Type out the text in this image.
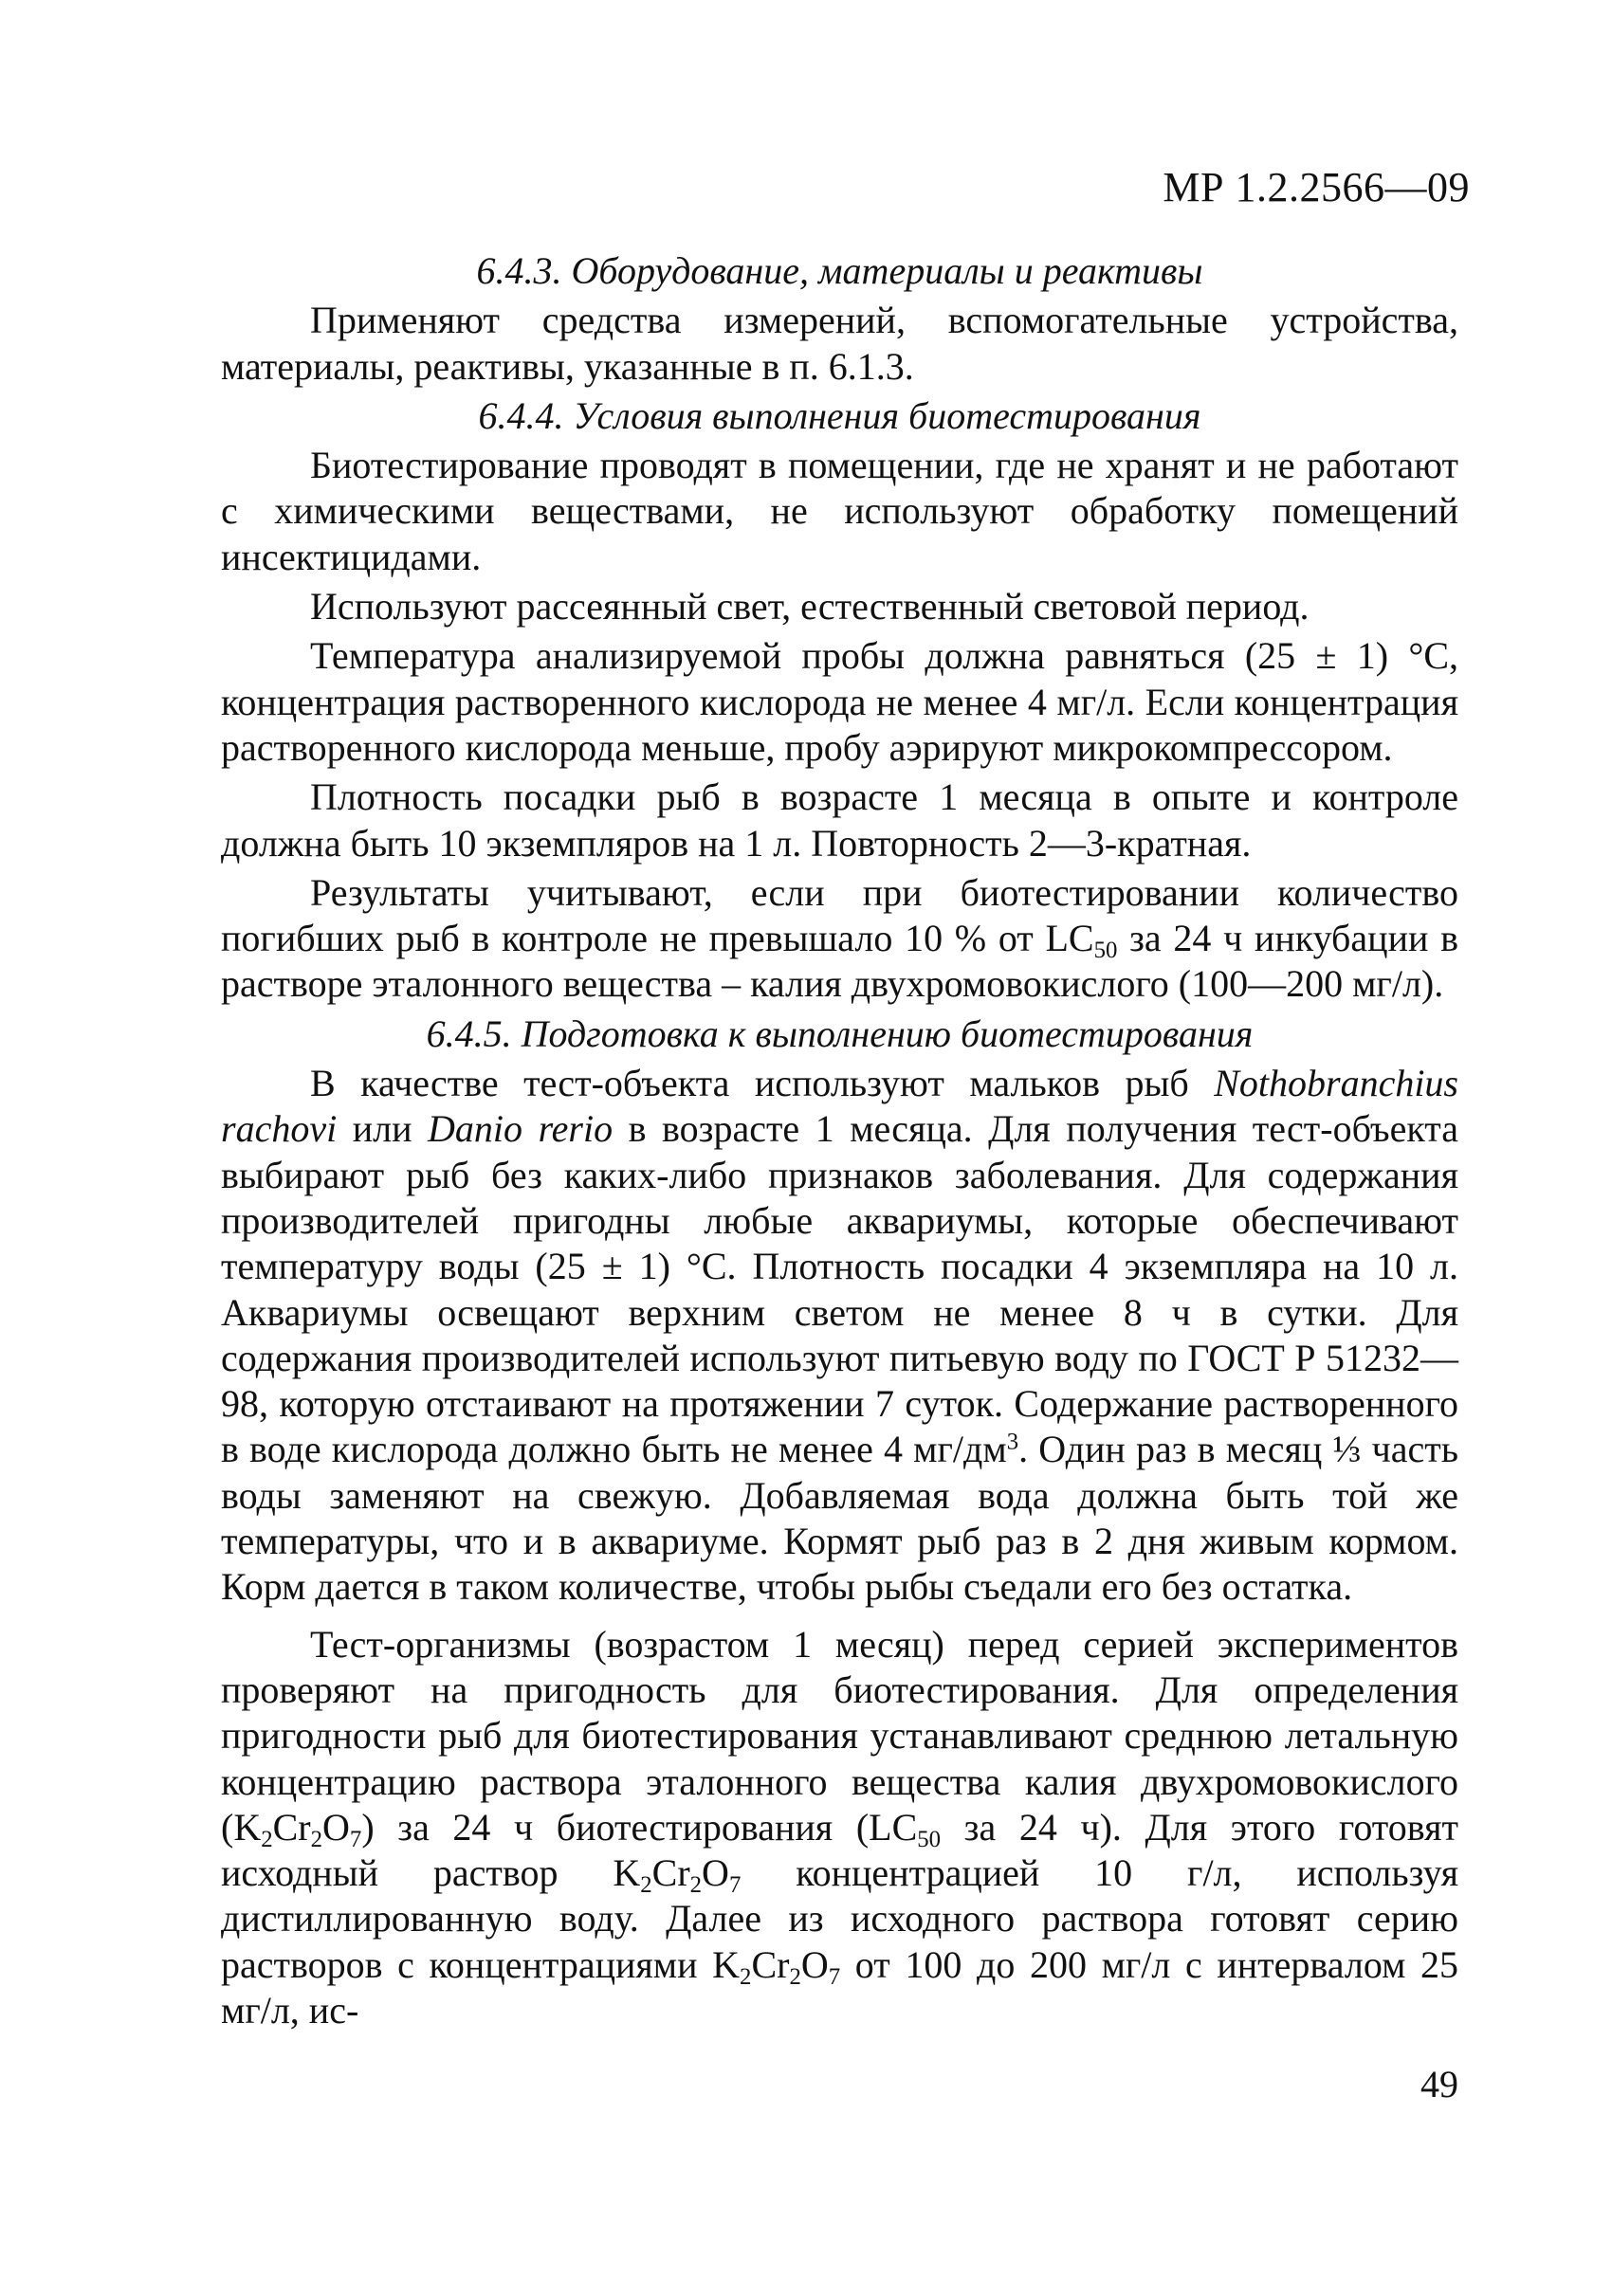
МР 1.2.2566—09
6.4.3. Оборудование, материалы и реактивы

Применяют средства измерений, вспомогательные устройства, материалы, реактивы, указанные в п. 6.1.3.

6.4.4. Условия выполнения биотестирования

Биотестирование проводят в помещении, где не хранят и не работают с химическими веществами, не используют обработку помещений инсектицидами.

Используют рассеянный свет, естественный световой период.

Температура анализируемой пробы должна равняться (25 ± 1) °С, концентрация растворенного кислорода не менее 4 мг/л. Если концентрация растворенного кислорода меньше, пробу аэрируют микрокомпрессором.

Плотность посадки рыб в возрасте 1 месяца в опыте и контроле должна быть 10 экземпляров на 1 л. Повторность 2—3-кратная.

Результаты учитывают, если при биотестировании количество погибших рыб в контроле не превышало 10 % от $LC_{50}$ за 24 ч инкубации в растворе эталонного вещества – калия двухромовокислого (100—200 мг/л).

6.4.5. Подготовка к выполнению биотестирования

В качестве тест-объекта используют мальков рыб Nothobranchius rachovi или Danio rerio в возрасте 1 месяца. Для получения тест-объекта выбирают рыб без каких-либо признаков заболевания. Для содержания производителей пригодны любые аквариумы, которые обеспечивают температуру воды (25 ± 1) °С. Плотность посадки 4 экземпляра на 10 л. Аквариумы освещают верхним светом не менее 8 ч в сутки. Для содержания производителей используют питьевую воду по ГОСТ Р 51232—98, которую отстаивают на протяжении 7 суток. Содержание растворенного в воде кислорода должно быть не менее 4 $мг/дм^3$. Один раз в месяц ⅓ часть воды заменяют на свежую. Добавляемая вода должна быть той же температуры, что и в аквариуме. Кормят рыб раз в 2 дня живым кормом. Корм дается в таком количестве, чтобы рыбы съедали его без остатка.

Тест-организмы (возрастом 1 месяц) перед серией экспериментов проверяют на пригодность для биотестирования. Для определения пригодности рыб для биотестирования устанавливают среднюю летальную концентрацию раствора эталонного вещества калия двухромовокислого $(K_2Cr_2O_7)$ за 24 ч биотестирования ($LC_{50}$ за 24 ч). Для этого готовят исходный раствор $K_2Cr_2O_7$ концентрацией 10 г/л, используя дистиллированную воду. Далее из исходного раствора готовят серию растворов с концентрациями $K_2Cr_2O_7$ от 100 до 200 мг/л с интервалом 25 мг/л, ис-

49
